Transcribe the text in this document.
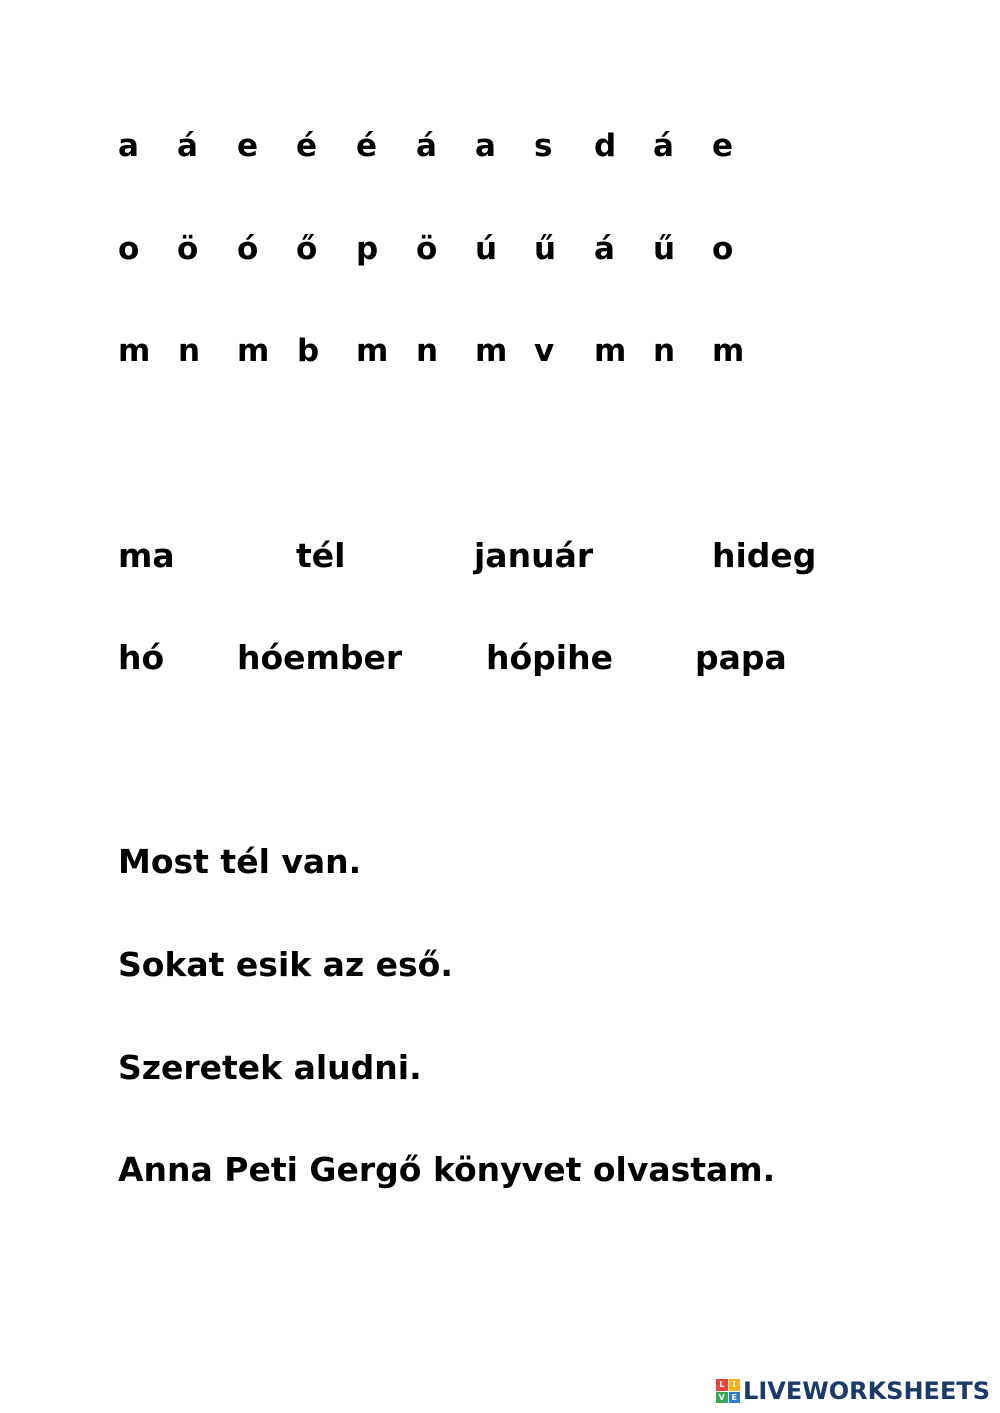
a á e é é á a s d á e
o ö ó ő p ö ú ű á ű o
m n m b m n m v m n m
ma	tél	január	hideg
hó hóember	hópihe papa
Most tél van.
Sokat esik az eső.
Szeretek aludni.
Anna Peti Gergő könyvet olvastam.
L	I
V E LIVEWORKSHEETS
